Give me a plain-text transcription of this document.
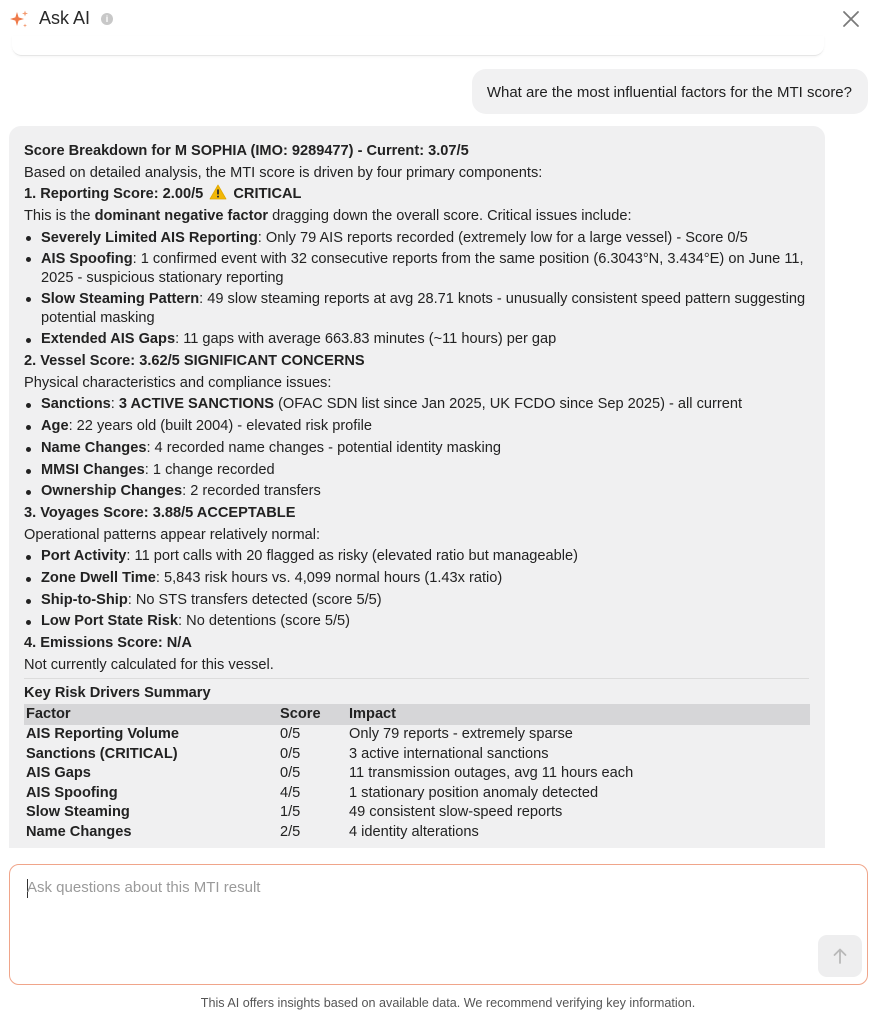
Ask AI	i
What are the most influential factors for the MTI score?

Score Breakdown for M SOPHIA (IMO: 9289477) - Current: 3.07/5

Based on detailed analysis, the MTI score is driven by four primary components:

1. Reporting Score: 2.00/5 CRITICAL

This is the dominant negative factor dragging down the overall score. Critical issues include:

Severely Limited AIS Reporting: Only 79 AIS reports recorded (extremely low for a large vessel) - Score 0/5
AIS Spoofing: 1 confirmed event with 32 consecutive reports from the same position (6.3043°N, 3.434°E) on June 11, 2025 - suspicious stationary reporting
Slow Steaming Pattern: 49 slow steaming reports at avg 28.71 knots - unusually consistent speed pattern suggesting potential masking
Extended AIS Gaps: 11 gaps with average 663.83 minutes (~11 hours) per gap

2. Vessel Score: 3.62/5 SIGNIFICANT CONCERNS

Physical characteristics and compliance issues:

Sanctions: 3 ACTIVE SANCTIONS (OFAC SDN list since Jan 2025, UK FCDO since Sep 2025) - all current
Age: 22 years old (built 2004) - elevated risk profile
Name Changes: 4 recorded name changes - potential identity masking
MMSI Changes: 1 change recorded
Ownership Changes: 2 recorded transfers

3. Voyages Score: 3.88/5 ACCEPTABLE

Operational patterns appear relatively normal:

Port Activity: 11 port calls with 20 flagged as risky (elevated ratio but manageable)
Zone Dwell Time: 5,843 risk hours vs. 4,099 normal hours (1.43x ratio)
Ship-to-Ship: No STS transfers detected (score 5/5)
Low Port State Risk: No detentions (score 5/5)

4. Emissions Score: N/A

Not currently calculated for this vessel.

Key Risk Drivers Summary

Factor	Score	Impact
AIS Reporting Volume	0/5	Only 79 reports - extremely sparse
Sanctions (CRITICAL)	0/5	3 active international sanctions
AIS Gaps	0/5	11 transmission outages, avg 11 hours each
AIS Spoofing	4/5	1 stationary position anomaly detected
Slow Steaming	1/5	49 consistent slow-speed reports
Name Changes	2/5	4 identity alterations
Ask questions about this MTI result
This AI offers insights based on available data. We recommend verifying key information.
